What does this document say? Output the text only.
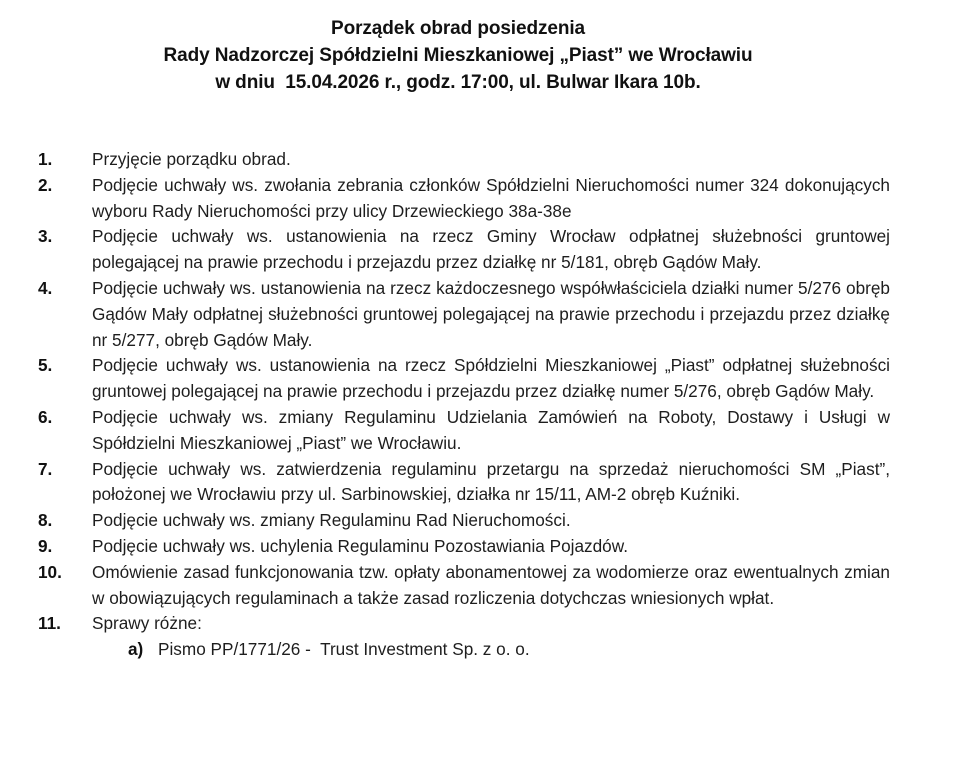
Porządek obrad posiedzenia
Rady Nadzorczej Spółdzielni Mieszkaniowej „Piast” we Wrocławiu
w dniu  15.04.2026 r., godz. 17:00, ul. Bulwar Ikara 10b.
1.	Przyjęcie porządku obrad.
2.	Podjęcie uchwały ws. zwołania zebrania członków Spółdzielni Nieruchomości numer 324 dokonujących wyboru Rady Nieruchomości przy ulicy Drzewieckiego 38a-38e
3.	Podjęcie uchwały ws. ustanowienia na rzecz Gminy Wrocław odpłatnej służebności gruntowej polegającej na prawie przechodu i przejazdu przez działkę nr 5/181, obręb Gądów Mały.
4.	Podjęcie uchwały ws. ustanowienia na rzecz każdoczesnego współwłaściciela działki numer 5/276 obręb Gądów Mały odpłatnej służebności gruntowej polegającej na prawie przechodu i przejazdu przez działkę nr 5/277, obręb Gądów Mały.
5.	Podjęcie uchwały ws. ustanowienia na rzecz Spółdzielni Mieszkaniowej „Piast” odpłatnej służebności gruntowej polegającej na prawie przechodu i przejazdu przez działkę numer 5/276, obręb Gądów Mały.
6.	Podjęcie uchwały ws. zmiany Regulaminu Udzielania Zamówień na Roboty, Dostawy i Usługi w Spółdzielni Mieszkaniowej „Piast” we Wrocławiu.
7.	Podjęcie uchwały ws. zatwierdzenia regulaminu przetargu na sprzedaż nieruchomości SM „Piast”, położonej we Wrocławiu przy ul. Sarbinowskiej, działka nr 15/11, AM-2 obręb Kuźniki.
8.	Podjęcie uchwały ws. zmiany Regulaminu Rad Nieruchomości.
9.	Podjęcie uchwały ws. uchylenia Regulaminu Pozostawiania Pojazdów.
10.	Omówienie zasad funkcjonowania tzw. opłaty abonamentowej za wodomierze oraz ewentualnych zmian w obowiązujących regulaminach a także zasad rozliczenia dotychczas wniesionych wpłat.
11.	Sprawy różne:
a) Pismo PP/1771/26 -  Trust Investment Sp. z o. o.
